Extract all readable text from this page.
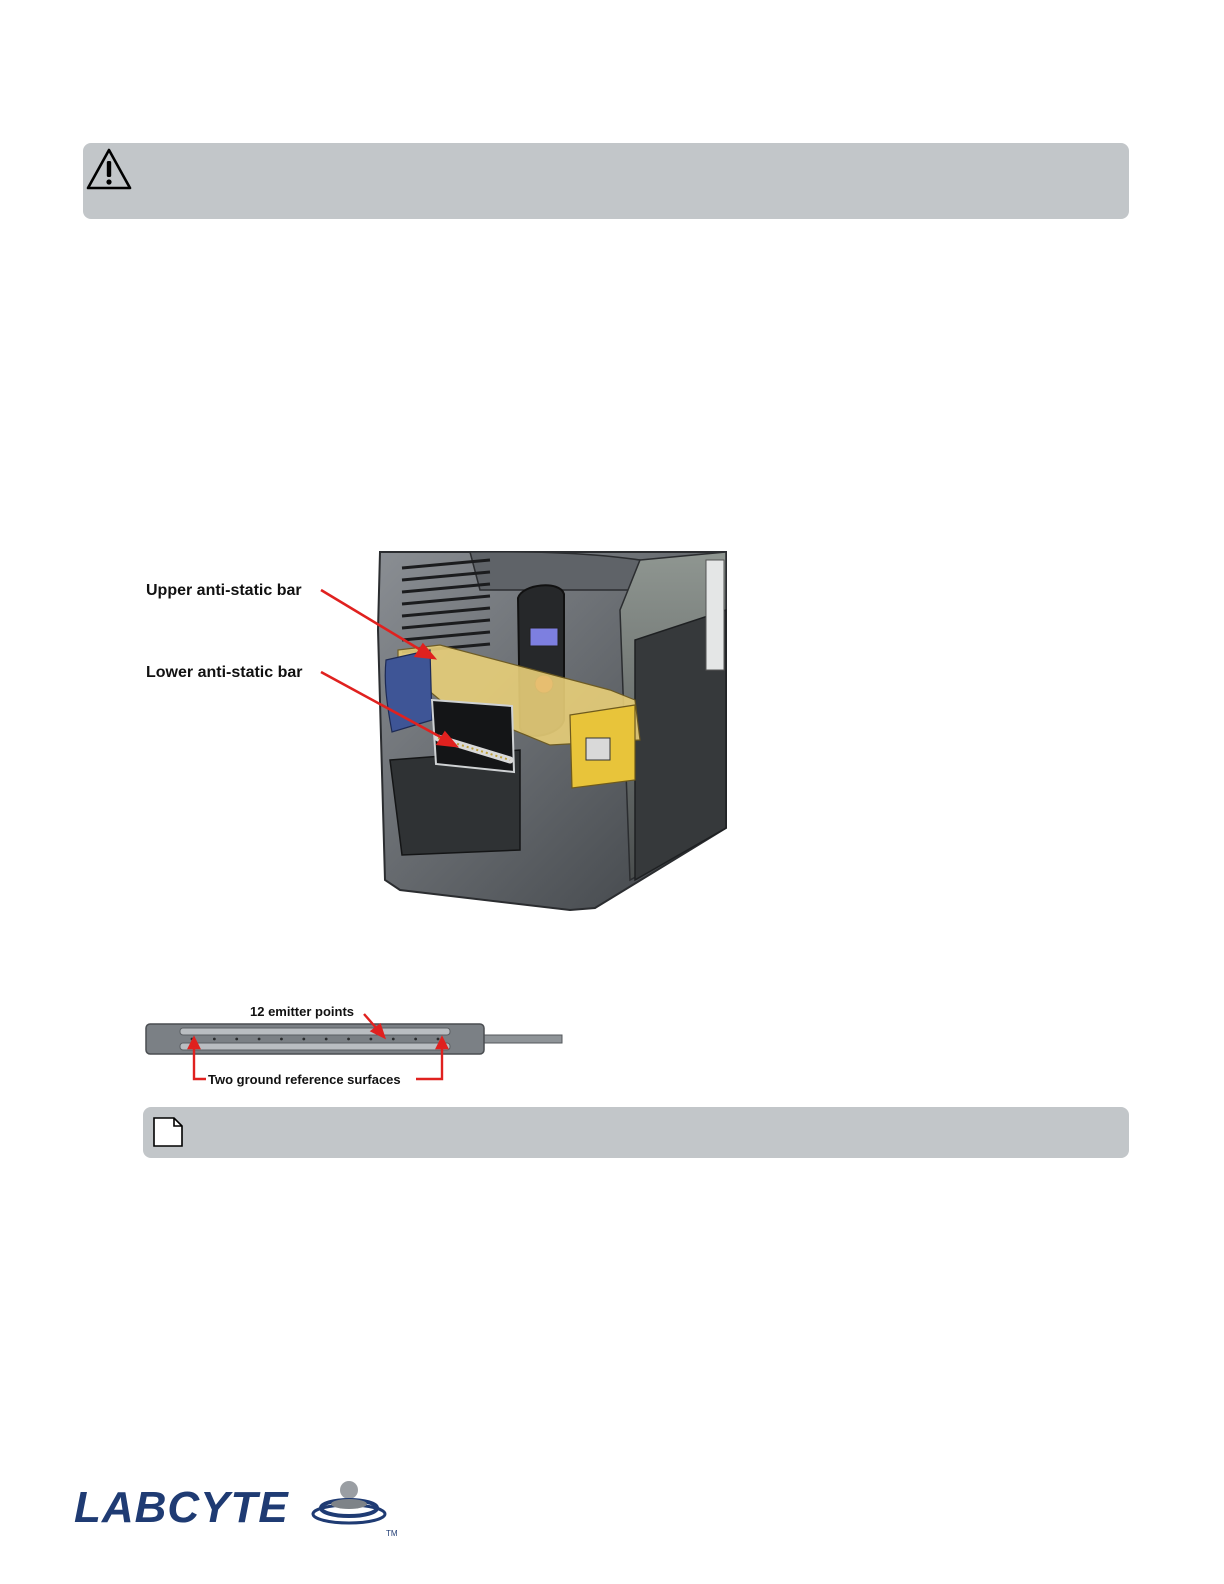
Upper anti-static bar
Lower anti-static bar
12 emitter points
Two ground reference surfaces
LABCYTE
TM
